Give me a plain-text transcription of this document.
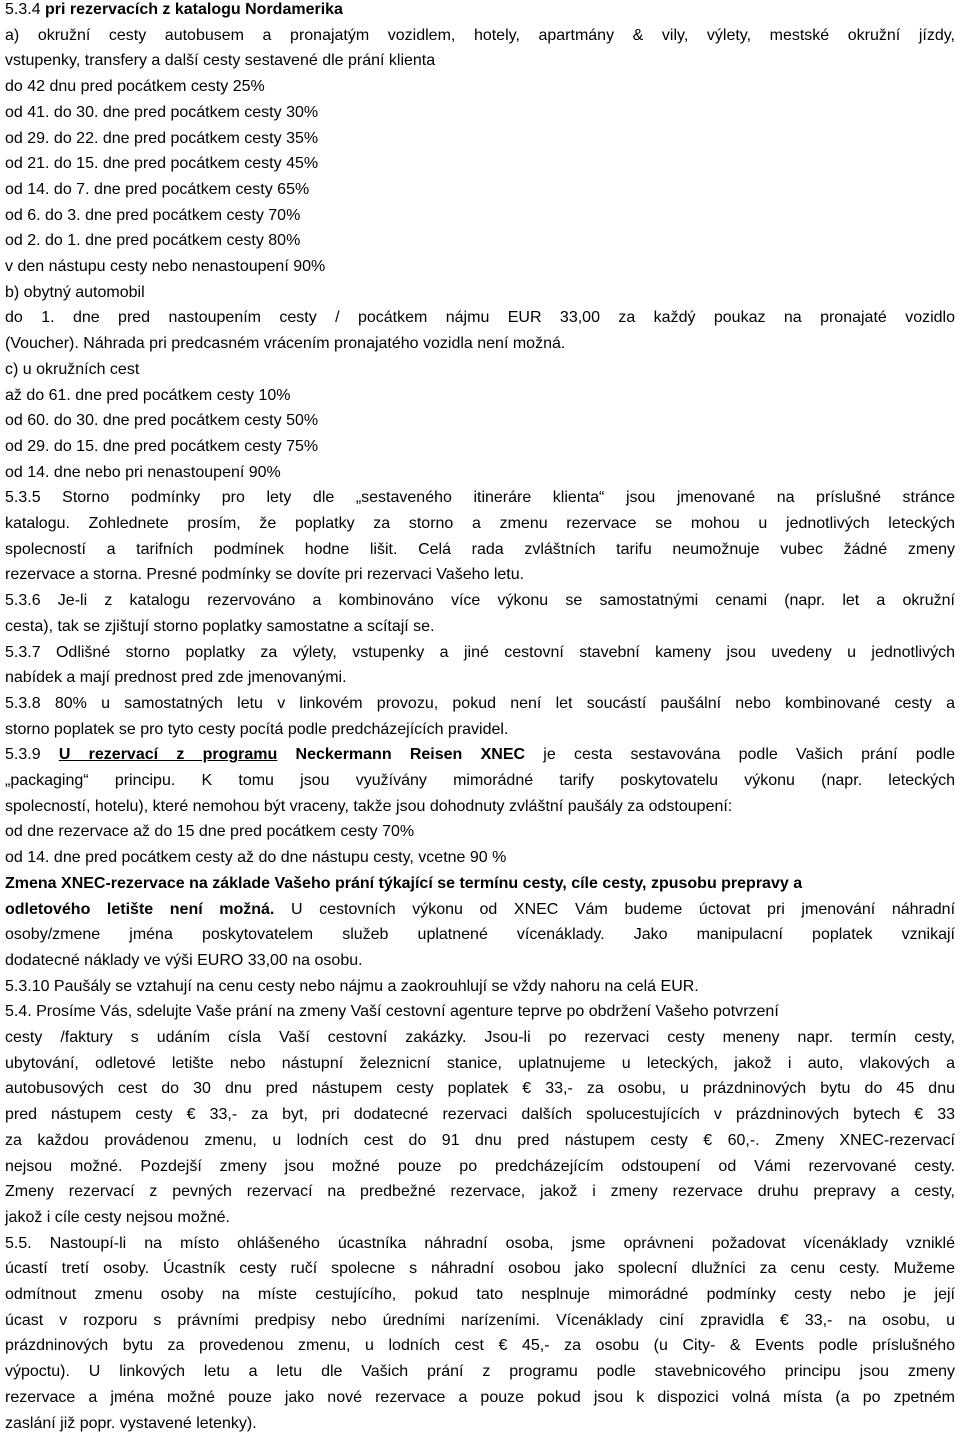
5.3.4 pri rezervacích z katalogu Nordamerika
a) okružní cesty autobusem a pronajatým vozidlem, hotely, apartmány & vily, výlety, mestské okružní jízdy,
vstupenky, transfery a další cesty sestavené dle prání klienta
do 42 dnu pred pocátkem cesty 25%
od 41. do 30. dne pred pocátkem cesty 30%
od 29. do 22. dne pred pocátkem cesty 35%
od 21. do 15. dne pred pocátkem cesty 45%
od 14. do 7. dne pred pocátkem cesty 65%
od 6. do 3. dne pred pocátkem cesty 70%
od 2. do 1. dne pred pocátkem cesty 80%
v den nástupu cesty nebo nenastoupení 90%
b) obytný automobil
do 1. dne pred nastoupením cesty / pocátkem nájmu EUR 33,00 za každý poukaz na pronajaté vozidlo
(Voucher). Náhrada pri predcasném vrácením pronajatého vozidla není možná.
c) u okružních cest
až do 61. dne pred pocátkem cesty 10%
od 60. do 30. dne pred pocátkem cesty 50%
od 29. do 15. dne pred pocátkem cesty 75%
od 14. dne nebo pri nenastoupení 90%
5.3.5 Storno podmínky pro lety dle „sestaveného itineráre klienta“ jsou jmenované na príslušné stránce
katalogu. Zohlednete prosím, že poplatky za storno a zmenu rezervace se mohou u jednotlivých leteckých
spolecností a tarifních podmínek hodne lišit. Celá rada zvláštních tarifu neumožnuje vubec žádné zmeny
rezervace a storna. Presné podmínky se dovíte pri rezervaci Vašeho letu.
5.3.6 Je-li z katalogu rezervováno a kombinováno více výkonu se samostatnými cenami (napr. let a okružní
cesta), tak se zjištují storno poplatky samostatne a scítají se.
5.3.7 Odlišné storno poplatky za výlety, vstupenky a jiné cestovní stavební kameny jsou uvedeny u jednotlivých
nabídek a mají prednost pred zde jmenovanými.
5.3.8 80% u samostatných letu v linkovém provozu, pokud není let soucástí paušální nebo kombinované cesty a
storno poplatek se pro tyto cesty pocítá podle predcházejících pravidel.
5.3.9 U rezervací z programu Neckermann Reisen XNEC je cesta sestavována podle Vašich prání podle
„packaging“ principu. K tomu jsou využívány mimorádné tarify poskytovatelu výkonu (napr. leteckých
spolecností, hotelu), které nemohou být vraceny, takže jsou dohodnuty zvláštní paušály za odstoupení:
od dne rezervace až do 15 dne pred pocátkem cesty 70%
od 14. dne pred pocátkem cesty až do dne nástupu cesty, vcetne 90 %
Zmena XNEC-rezervace na základe Vašeho prání týkající se termínu cesty, cíle cesty, zpusobu prepravy a
odletového letište není možná. U cestovních výkonu od XNEC Vám budeme úctovat pri jmenování náhradní
osoby/zmene jména poskytovatelem služeb uplatnené vícenáklady. Jako manipulacní poplatek vznikají
dodatecné náklady ve výši EURO 33,00 na osobu.
5.3.10 Paušály se vztahují na cenu cesty nebo nájmu a zaokrouhlují se vždy nahoru na celá EUR.
5.4. Prosíme Vás, sdelujte Vaše prání na zmeny Vaší cestovní agenture teprve po obdržení Vašeho potvrzení
cesty /faktury s udáním císla Vaší cestovní zakázky. Jsou-li po rezervaci cesty meneny napr. termín cesty,
ubytování, odletové letište nebo nástupní železnicní stanice, uplatnujeme u leteckých, jakož i auto, vlakových a
autobusových cest do 30 dnu pred nástupem cesty poplatek € 33,- za osobu, u prázdninových bytu do 45 dnu
pred nástupem cesty € 33,- za byt, pri dodatecné rezervaci dalších spolucestujících v prázdninových bytech € 33
za každou provádenou zmenu, u lodních cest do 91 dnu pred nástupem cesty € 60,-. Zmeny XNEC-rezervací
nejsou možné. Pozdejší zmeny jsou možné pouze po predcházejícím odstoupení od Vámi rezervované cesty.
Zmeny rezervací z pevných rezervací na predbežné rezervace, jakož i zmeny rezervace druhu prepravy a cesty,
jakož i cíle cesty nejsou možné.
5.5. Nastoupí-li na místo ohlášeného úcastníka náhradní osoba, jsme oprávneni požadovat vícenáklady vzniklé
úcastí tretí osoby. Úcastník cesty ručí spolecne s náhradní osobou jako spolecní dlužníci za cenu cesty. Mužeme
odmítnout zmenu osoby na míste cestujícího, pokud tato nesplnuje mimorádné podmínky cesty nebo je její
úcast v rozporu s právními predpisy nebo úredními narízeními. Vícenáklady ciní zpravidla € 33,- na osobu, u
prázdninových bytu za provedenou zmenu, u lodních cest € 45,- za osobu (u City- & Events podle príslušného
výpoctu). U linkových letu a letu dle Vašich prání z programu podle stavebnicového principu jsou zmeny
rezervace a jména možné pouze jako nové rezervace a pouze pokud jsou k dispozici volná místa (a po zpetném
zaslání již popr. vystavené letenky).
